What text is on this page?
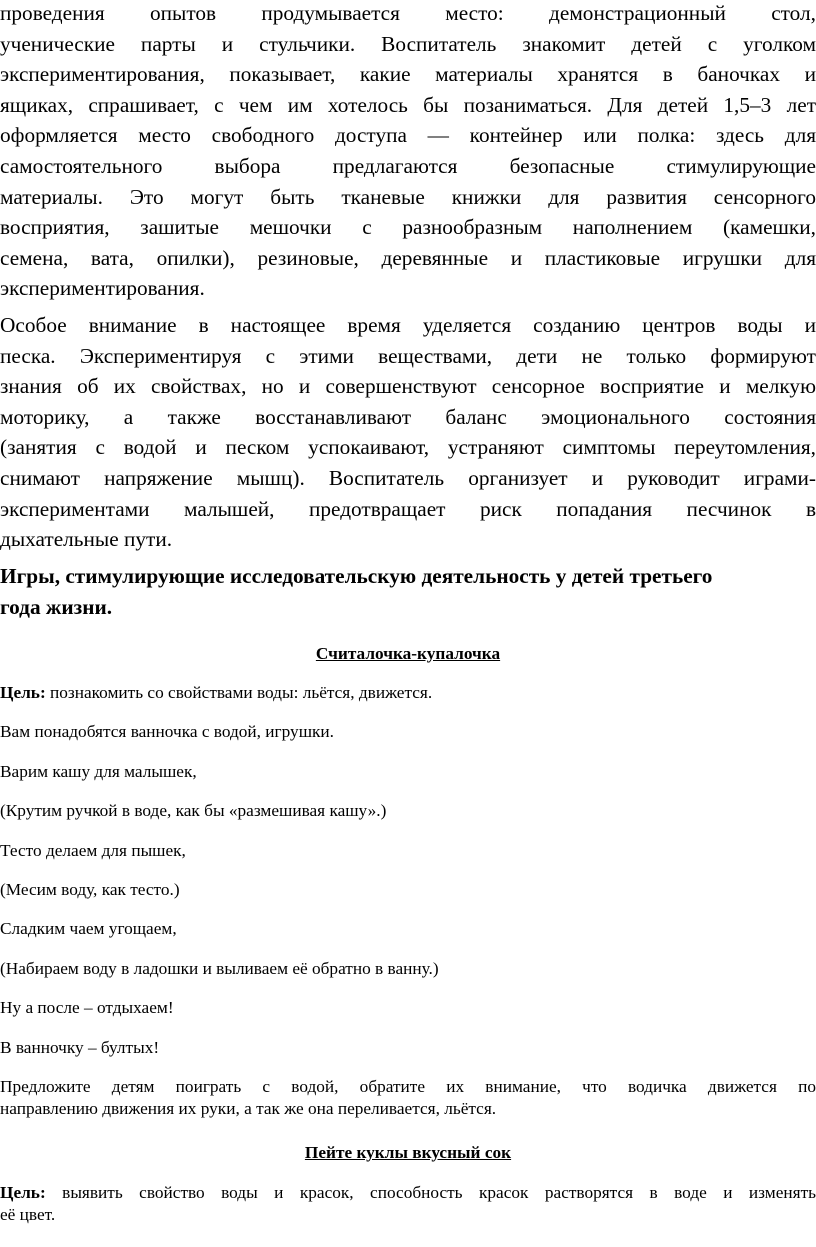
проведения опытов продумывается место: демонстрационный стол,
ученические парты и стульчики. Воспитатель знакомит детей с уголком
экспериментирования, показывает, какие материалы хранятся в баночках и
ящиках, спрашивает, с чем им хотелось бы позаниматься. Для детей 1,5–3 лет
оформляется место свободного доступа — контейнер или полка: здесь для
самостоятельного выбора предлагаются безопасные стимулирующие
материалы. Это могут быть тканевые книжки для развития сенсорного
восприятия, зашитые мешочки с разнообразным наполнением (камешки,
семена, вата, опилки), резиновые, деревянные и пластиковые игрушки для
экспериментирования.
Особое внимание в настоящее время уделяется созданию центров воды и
песка. Экспериментируя с этими веществами, дети не только формируют
знания об их свойствах, но и совершенствуют сенсорное восприятие и мелкую
моторику, а также восстанавливают баланс эмоционального состояния
(занятия с водой и песком успокаивают, устраняют симптомы переутомления,
снимают напряжение мышц). Воспитатель организует и руководит играми-
экспериментами малышей, предотвращает риск попадания песчинок в
дыхательные пути.
Игры, стимулирующие исследовательскую деятельность у детей третьего
года жизни.
Считалочка-купалочка
Цель: познакомить со свойствами воды: льётся, движется.
Вам понадобятся ванночка с водой, игрушки.
Варим кашу для малышек,
(Крутим ручкой в воде, как бы «размешивая кашу».)
Тесто делаем для пышек,
(Месим воду, как тесто.)
Сладким чаем угощаем,
(Набираем воду в ладошки и выливаем её обратно в ванну.)
Ну а после – отдыхаем!
В ванночку – бултых!
Предложите детям поиграть с водой, обратите их внимание, что водичка движется по
направлению движения их руки, а так же она переливается, льётся.
Пейте куклы вкусный сок
Цель: выявить свойство воды и красок, способность красок растворятся в воде и изменять
её цвет.
